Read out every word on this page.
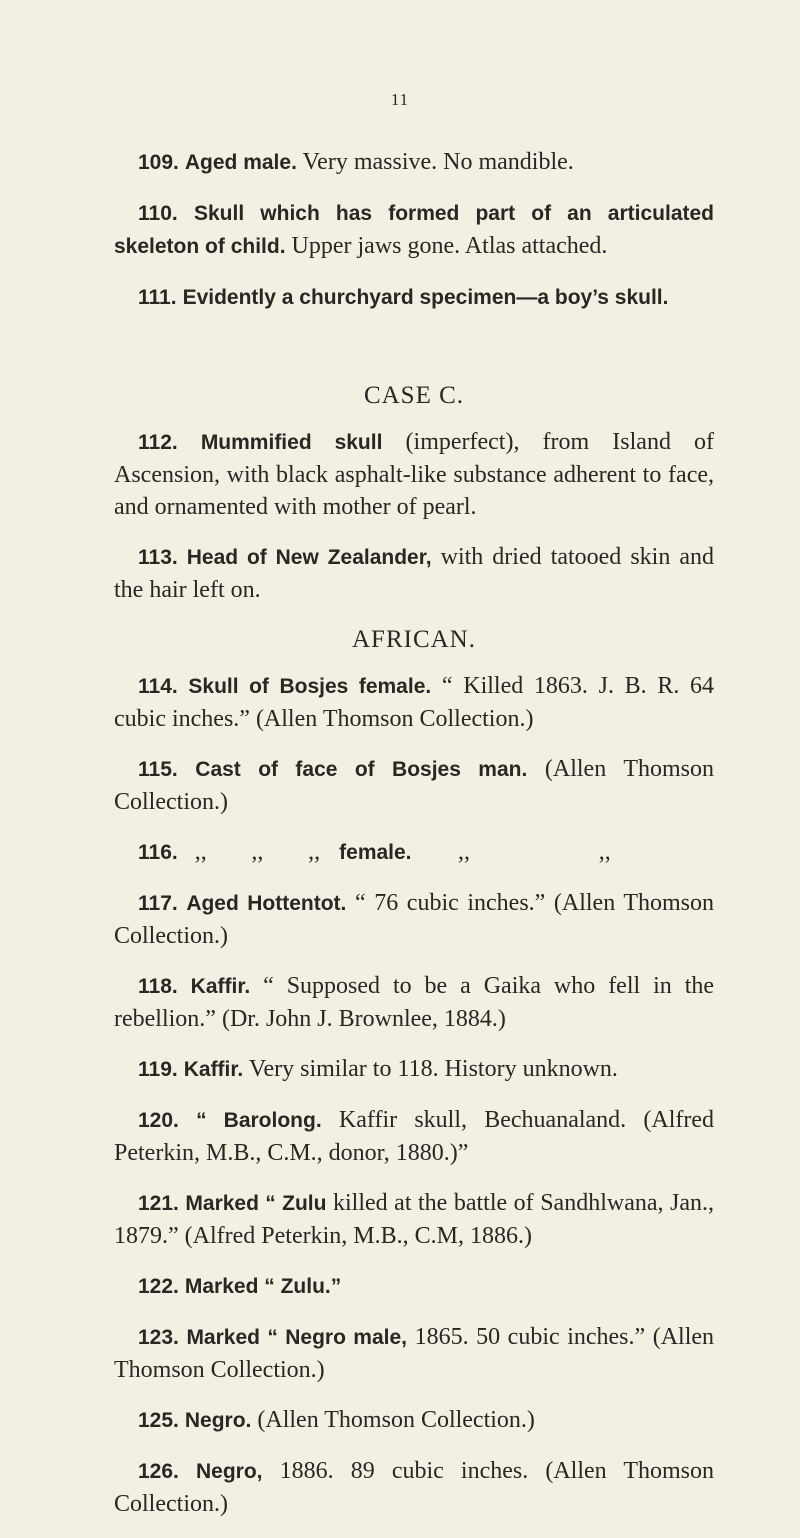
11

109. Aged male. Very massive. No mandible.

110. Skull which has formed part of an articulated skeleton of child. Upper jaws gone. Atlas attached.

111. Evidently a churchyard specimen—a boy’s skull.

CASE C.

112. Mummified skull (imperfect), from Island of Ascension, with black asphalt-like substance adherent to face, and ornamented with mother of pearl.

113. Head of New Zealander, with dried tatooed skin and the hair left on.

AFRICAN.

114. Skull of Bosjes female. “ Killed 1863. J. B. R. 64 cubic inches.” (Allen Thomson Collection.)

115. Cast of face of Bosjes man. (Allen Thomson Collection.)

116. ,,	,,	,, female.	,,	,,

117. Aged Hottentot. “ 76 cubic inches.” (Allen Thomson Collection.)

118. Kaffir. “ Supposed to be a Gaika who fell in the rebellion.” (Dr. John J. Brownlee, 1884.)

119. Kaffir. Very similar to 118. History unknown.

120. “ Barolong. Kaffir skull, Bechuanaland. (Alfred Peterkin, M.B., C.M., donor, 1880.)”

121. Marked “ Zulu killed at the battle of Sandhlwana, Jan., 1879.” (Alfred Peterkin, M.B., C.M, 1886.)

122. Marked “ Zulu.”

123. Marked “ Negro male, 1865. 50 cubic inches.” (Allen Thomson Collection.)

125. Negro. (Allen Thomson Collection.)

126. Negro, 1886. 89 cubic inches. (Allen Thomson Collection.)
